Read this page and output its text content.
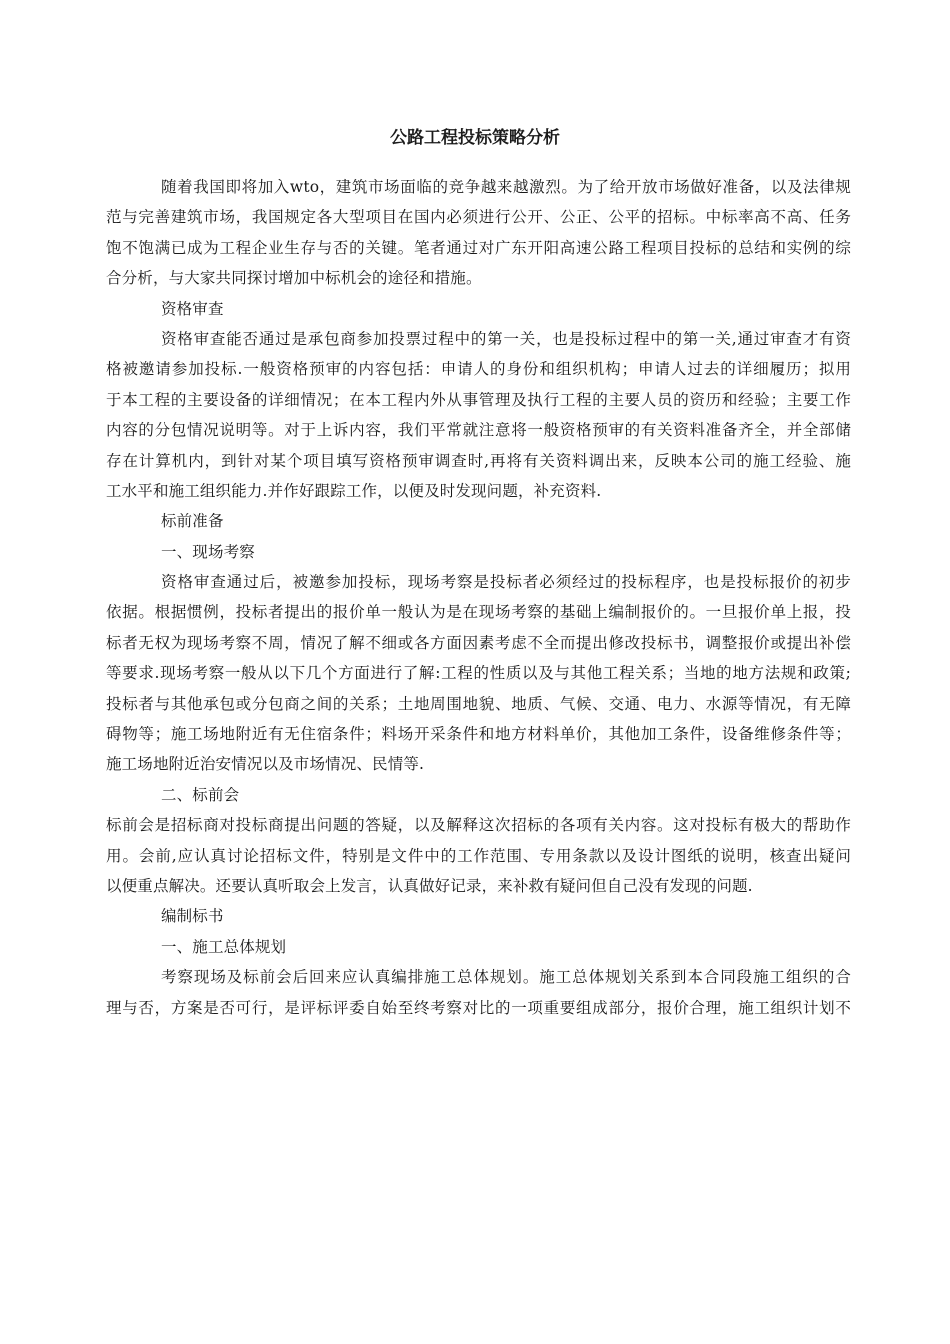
公路工程投标策略分析
随着我国即将加入wto，建筑市场面临的竞争越来越激烈。为了给开放市场做好准备，以及法律规
范与完善建筑市场，我国规定各大型项目在国内必须进行公开、公正、公平的招标。中标率高不高、任务
饱不饱满已成为工程企业生存与否的关键。笔者通过对广东开阳高速公路工程项目投标的总结和实例的综
合分析，与大家共同探讨增加中标机会的途径和措施。
资格审查
资格审查能否通过是承包商参加投票过程中的第一关，也是投标过程中的第一关,通过审查才有资
格被邀请参加投标.一般资格预审的内容包括：申请人的身份和组织机构；申请人过去的详细履历；拟用
于本工程的主要设备的详细情况；在本工程内外从事管理及执行工程的主要人员的资历和经验；主要工作
内容的分包情况说明等。对于上诉内容，我们平常就注意将一般资格预审的有关资料准备齐全，并全部储
存在计算机内，到针对某个项目填写资格预审调查时,再将有关资料调出来，反映本公司的施工经验、施
工水平和施工组织能力.并作好跟踪工作，以便及时发现问题，补充资料.
标前准备
一、现场考察
资格审查通过后，被邀参加投标，现场考察是投标者必须经过的投标程序，也是投标报价的初步
依据。根据惯例，投标者提出的报价单一般认为是在现场考察的基础上编制报价的。一旦报价单上报，投
标者无权为现场考察不周，情况了解不细或各方面因素考虑不全而提出修改投标书，调整报价或提出补偿
等要求.现场考察一般从以下几个方面进行了解:工程的性质以及与其他工程关系；当地的地方法规和政策;
投标者与其他承包或分包商之间的关系；土地周围地貌、地质、气候、交通、电力、水源等情况，有无障
碍物等；施工场地附近有无住宿条件；料场开采条件和地方材料单价，其他加工条件，设备维修条件等；
施工场地附近治安情况以及市场情况、民情等.
二、标前会
标前会是招标商对投标商提出问题的答疑，以及解释这次招标的各项有关内容。这对投标有极大的帮助作
用。会前,应认真讨论招标文件，特别是文件中的工作范围、专用条款以及设计图纸的说明，核查出疑问
以便重点解决。还要认真听取会上发言，认真做好记录，来补救有疑问但自己没有发现的问题.
编制标书
一、施工总体规划
考察现场及标前会后回来应认真编排施工总体规划。施工总体规划关系到本合同段施工组织的合
理与否，方案是否可行，是评标评委自始至终考察对比的一项重要组成部分，报价合理，施工组织计划不
